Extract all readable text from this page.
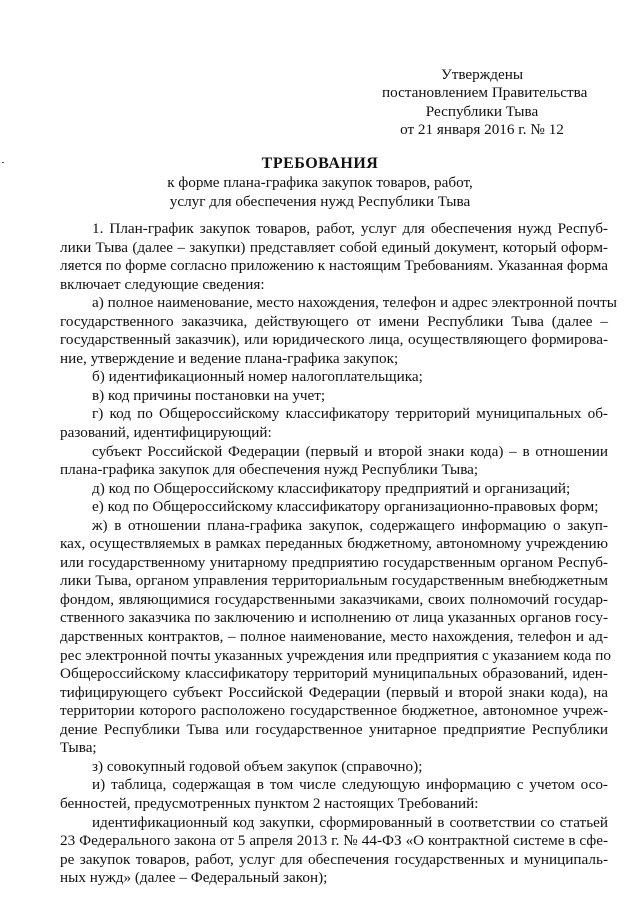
Утверждены
постановлением Правительства
Республики Тыва
от 21 января 2016 г. № 12
ТРЕБОВАНИЯ
к форме плана-графика закупок товаров, работ,
услуг для обеспечения нужд Республики Тыва
1. План-график закупок товаров, работ, услуг для обеспечения нужд Респуб-
лики Тыва (далее – закупки) представляет собой единый документ, который оформ-
ляется по форме согласно приложению к настоящим Требованиям. Указанная форма
включает следующие сведения:
а) полное наименование, место нахождения, телефон и адрес электронной почты
государственного заказчика, действующего от имени Республики Тыва (далее –
государственный заказчик), или юридического лица, осуществляющего формирова-
ние, утверждение и ведение плана-графика закупок;
б) идентификационный номер налогоплательщика;
в) код причины постановки на учет;
г) код по Общероссийскому классификатору территорий муниципальных об-
разований, идентифицирующий:
субъект Российской Федерации (первый и второй знаки кода) – в отношении
плана-графика закупок для обеспечения нужд Республики Тыва;
д) код по Общероссийскому классификатору предприятий и организаций;
е) код по Общероссийскому классификатору организационно-правовых форм;
ж) в отношении плана-графика закупок, содержащего информацию о закуп-
ках, осуществляемых в рамках переданных бюджетному, автономному учреждению
или государственному унитарному предприятию государственным органом Респуб-
лики Тыва, органом управления территориальным государственным внебюджетным
фондом, являющимися государственными заказчиками, своих полномочий государ-
ственного заказчика по заключению и исполнению от лица указанных органов госу-
дарственных контрактов, – полное наименование, место нахождения, телефон и ад-
рес электронной почты указанных учреждения или предприятия с указанием кода по
Общероссийскому классификатору территорий муниципальных образований, иден-
тифицирующего субъект Российской Федерации (первый и второй знаки кода), на
территории которого расположено государственное бюджетное, автономное учреж-
дение Республики Тыва или государственное унитарное предприятие Республики
Тыва;
з) совокупный годовой объем закупок (справочно);
и) таблица, содержащая в том числе следующую информацию с учетом осо-
бенностей, предусмотренных пунктом 2 настоящих Требований:
идентификационный код закупки, сформированный в соответствии со статьей
23 Федерального закона от 5 апреля 2013 г. № 44-ФЗ «О контрактной системе в сфе-
ре закупок товаров, работ, услуг для обеспечения государственных и муниципаль-
ных нужд» (далее – Федеральный закон);
